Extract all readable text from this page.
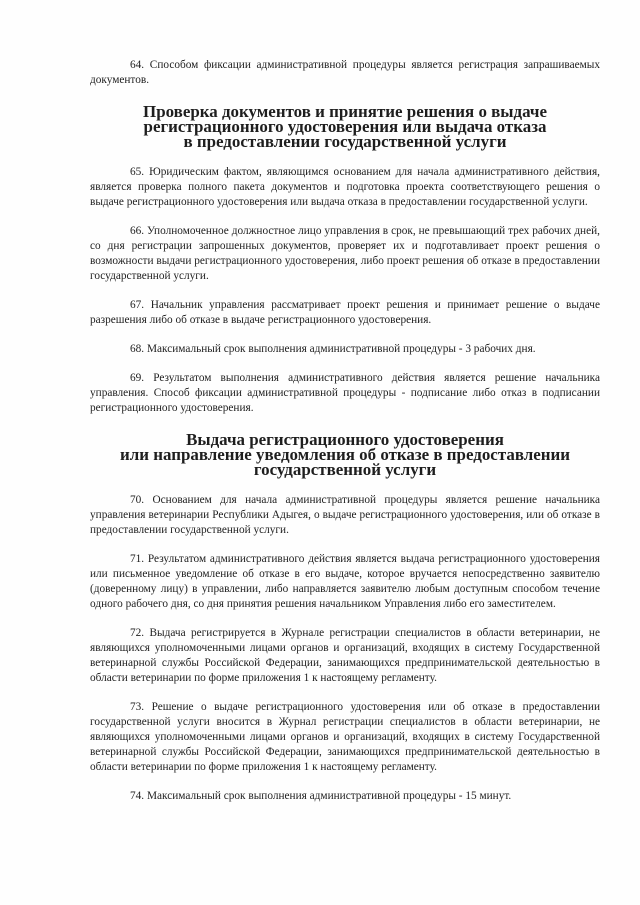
64. Способом фиксации административной процедуры является регистрация запрашиваемых документов.

Проверка документов и принятие решения о выдаче
регистрационного удостоверения или выдача отказа
в предоставлении государственной услуги

65. Юридическим фактом, являющимся основанием для начала административного действия, является проверка полного пакета документов и подготовка проекта соответствующего решения о выдаче регистрационного удостоверения или выдача отказа в предоставлении государственной услуги.

66. Уполномоченное должностное лицо управления в срок, не превышающий трех рабочих дней, со дня регистрации запрошенных документов, проверяет их и подготавливает проект решения о возможности выдачи регистрационного удостоверения, либо проект решения об отказе в предоставлении государственной услуги.

67. Начальник управления рассматривает проект решения и принимает решение о выдаче разрешения либо об отказе в выдаче регистрационного удостоверения.

68. Максимальный срок выполнения административной процедуры - 3 рабочих дня.

69. Результатом выполнения административного действия является решение начальника управления. Способ фиксации административной процедуры - подписание либо отказ в подписании регистрационного удостоверения.

Выдача регистрационного удостоверения
или направление уведомления об отказе в предоставлении
государственной услуги

70. Основанием для начала административной процедуры является решение начальника управления ветеринарии Республики Адыгея, о выдаче регистрационного удостоверения, или об отказе в предоставлении государственной услуги.

71. Результатом административного действия является выдача регистрационного удостоверения или письменное уведомление об отказе в его выдаче, которое вручается непосредственно заявителю (доверенному лицу) в управлении, либо направляется заявителю любым доступным способом течение одного рабочего дня, со дня принятия решения начальником Управления либо его заместителем.

72. Выдача регистрируется в Журнале регистрации специалистов в области ветеринарии, не являющихся уполномоченными лицами органов и организаций, входящих в систему Государственной ветеринарной службы Российской Федерации, занимающихся предпринимательской деятельностью в области ветеринарии по форме приложения 1 к настоящему регламенту.

73. Решение о выдаче регистрационного удостоверения или об отказе в предоставлении государственной услуги вносится в Журнал регистрации специалистов в области ветеринарии, не являющихся уполномоченными лицами органов и организаций, входящих в систему Государственной ветеринарной службы Российской Федерации, занимающихся предпринимательской деятельностью в области ветеринарии по форме приложения 1 к настоящему регламенту.

74. Максимальный срок выполнения административной процедуры - 15 минут.
